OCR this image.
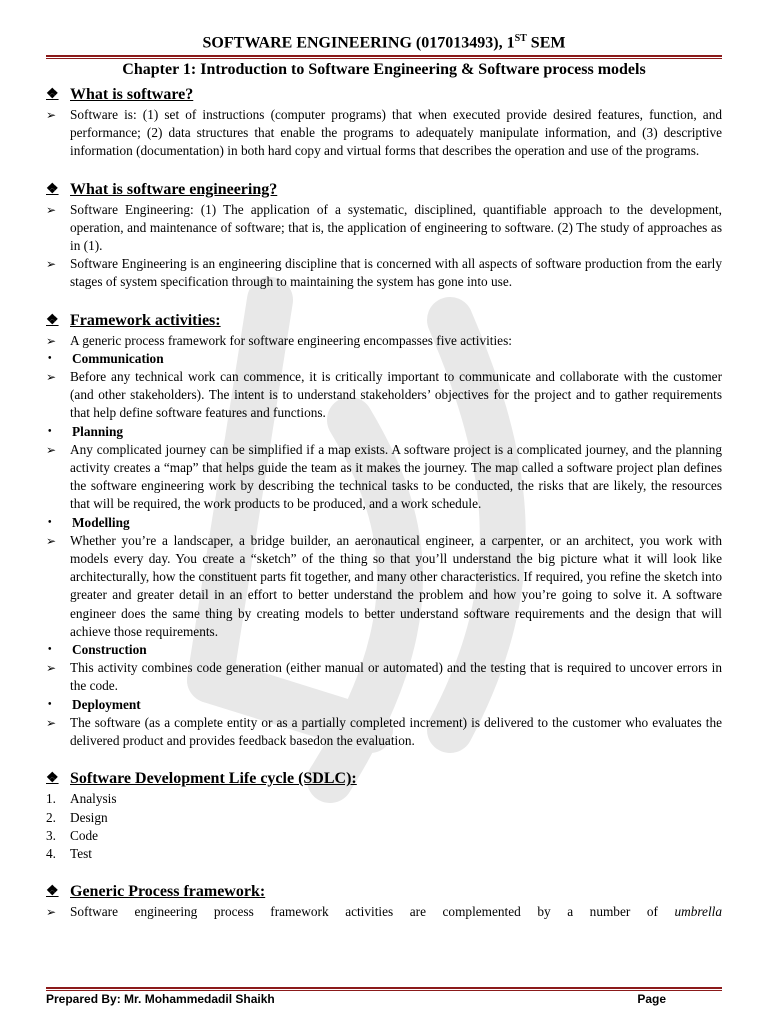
SOFTWARE ENGINEERING (017013493), 1ST SEM
Chapter 1: Introduction to Software Engineering & Software process models
❖ What is software?
➢	Software is: (1) set of instructions (computer programs) that when executed provide desired features, function, and performance; (2) data structures that enable the programs to adequately manipulate information, and (3) descriptive information (documentation) in both hard copy and virtual forms that describes the operation and use of the programs.
❖ What is software engineering?
➢	Software Engineering: (1) The application of a systematic, disciplined, quantifiable approach to the development, operation, and maintenance of software; that is, the application of engineering to software. (2) The study of approaches as in (1).
➢	Software Engineering is an engineering discipline that is concerned with all aspects of software production from the early stages of system specification through to maintaining the system has gone into use.
❖ Framework activities:
➢	A generic process framework for software engineering encompasses five activities:
•	Communication
➢	Before any technical work can commence, it is critically important to communicate and collaborate with the customer (and other stakeholders). The intent is to understand stakeholders’ objectives for the project and to gather requirements that help define software features and functions.
•	Planning
➢	Any complicated journey can be simplified if a map exists. A software project is a complicated journey, and the planning activity creates a “map” that helps guide the team as it makes the journey. The map called a software project plan defines the software engineering work by describing the technical tasks to be conducted, the risks that are likely, the resources that will be required, the work products to be produced, and a work schedule.
•	Modelling
➢	Whether you’re a landscaper, a bridge builder, an aeronautical engineer, a carpenter, or an architect, you work with models every day. You create a “sketch” of the thing so that you’ll understand the big picture what it will look like architecturally, how the constituent parts fit together, and many other characteristics. If required, you refine the sketch into greater and greater detail in an effort to better understand the problem and how you’re going to solve it. A software engineer does the same thing by creating models to better understand software requirements and the design that will achieve those requirements.
•	Construction
➢	This activity combines code generation (either manual or automated) and the testing that is required to uncover errors in the code.
•	Deployment
➢	The software (as a complete entity or as a partially completed increment) is delivered to the customer who evaluates the delivered product and provides feedback basedon the evaluation.
❖ Software Development Life cycle (SDLC):
1.	Analysis
2.	Design
3.	Code
4.	Test
❖ Generic Process framework:
➢	Software engineering process framework activities are complemented by a number of umbrella
Prepared By: Mr. Mohammedadil Shaikh	Page
